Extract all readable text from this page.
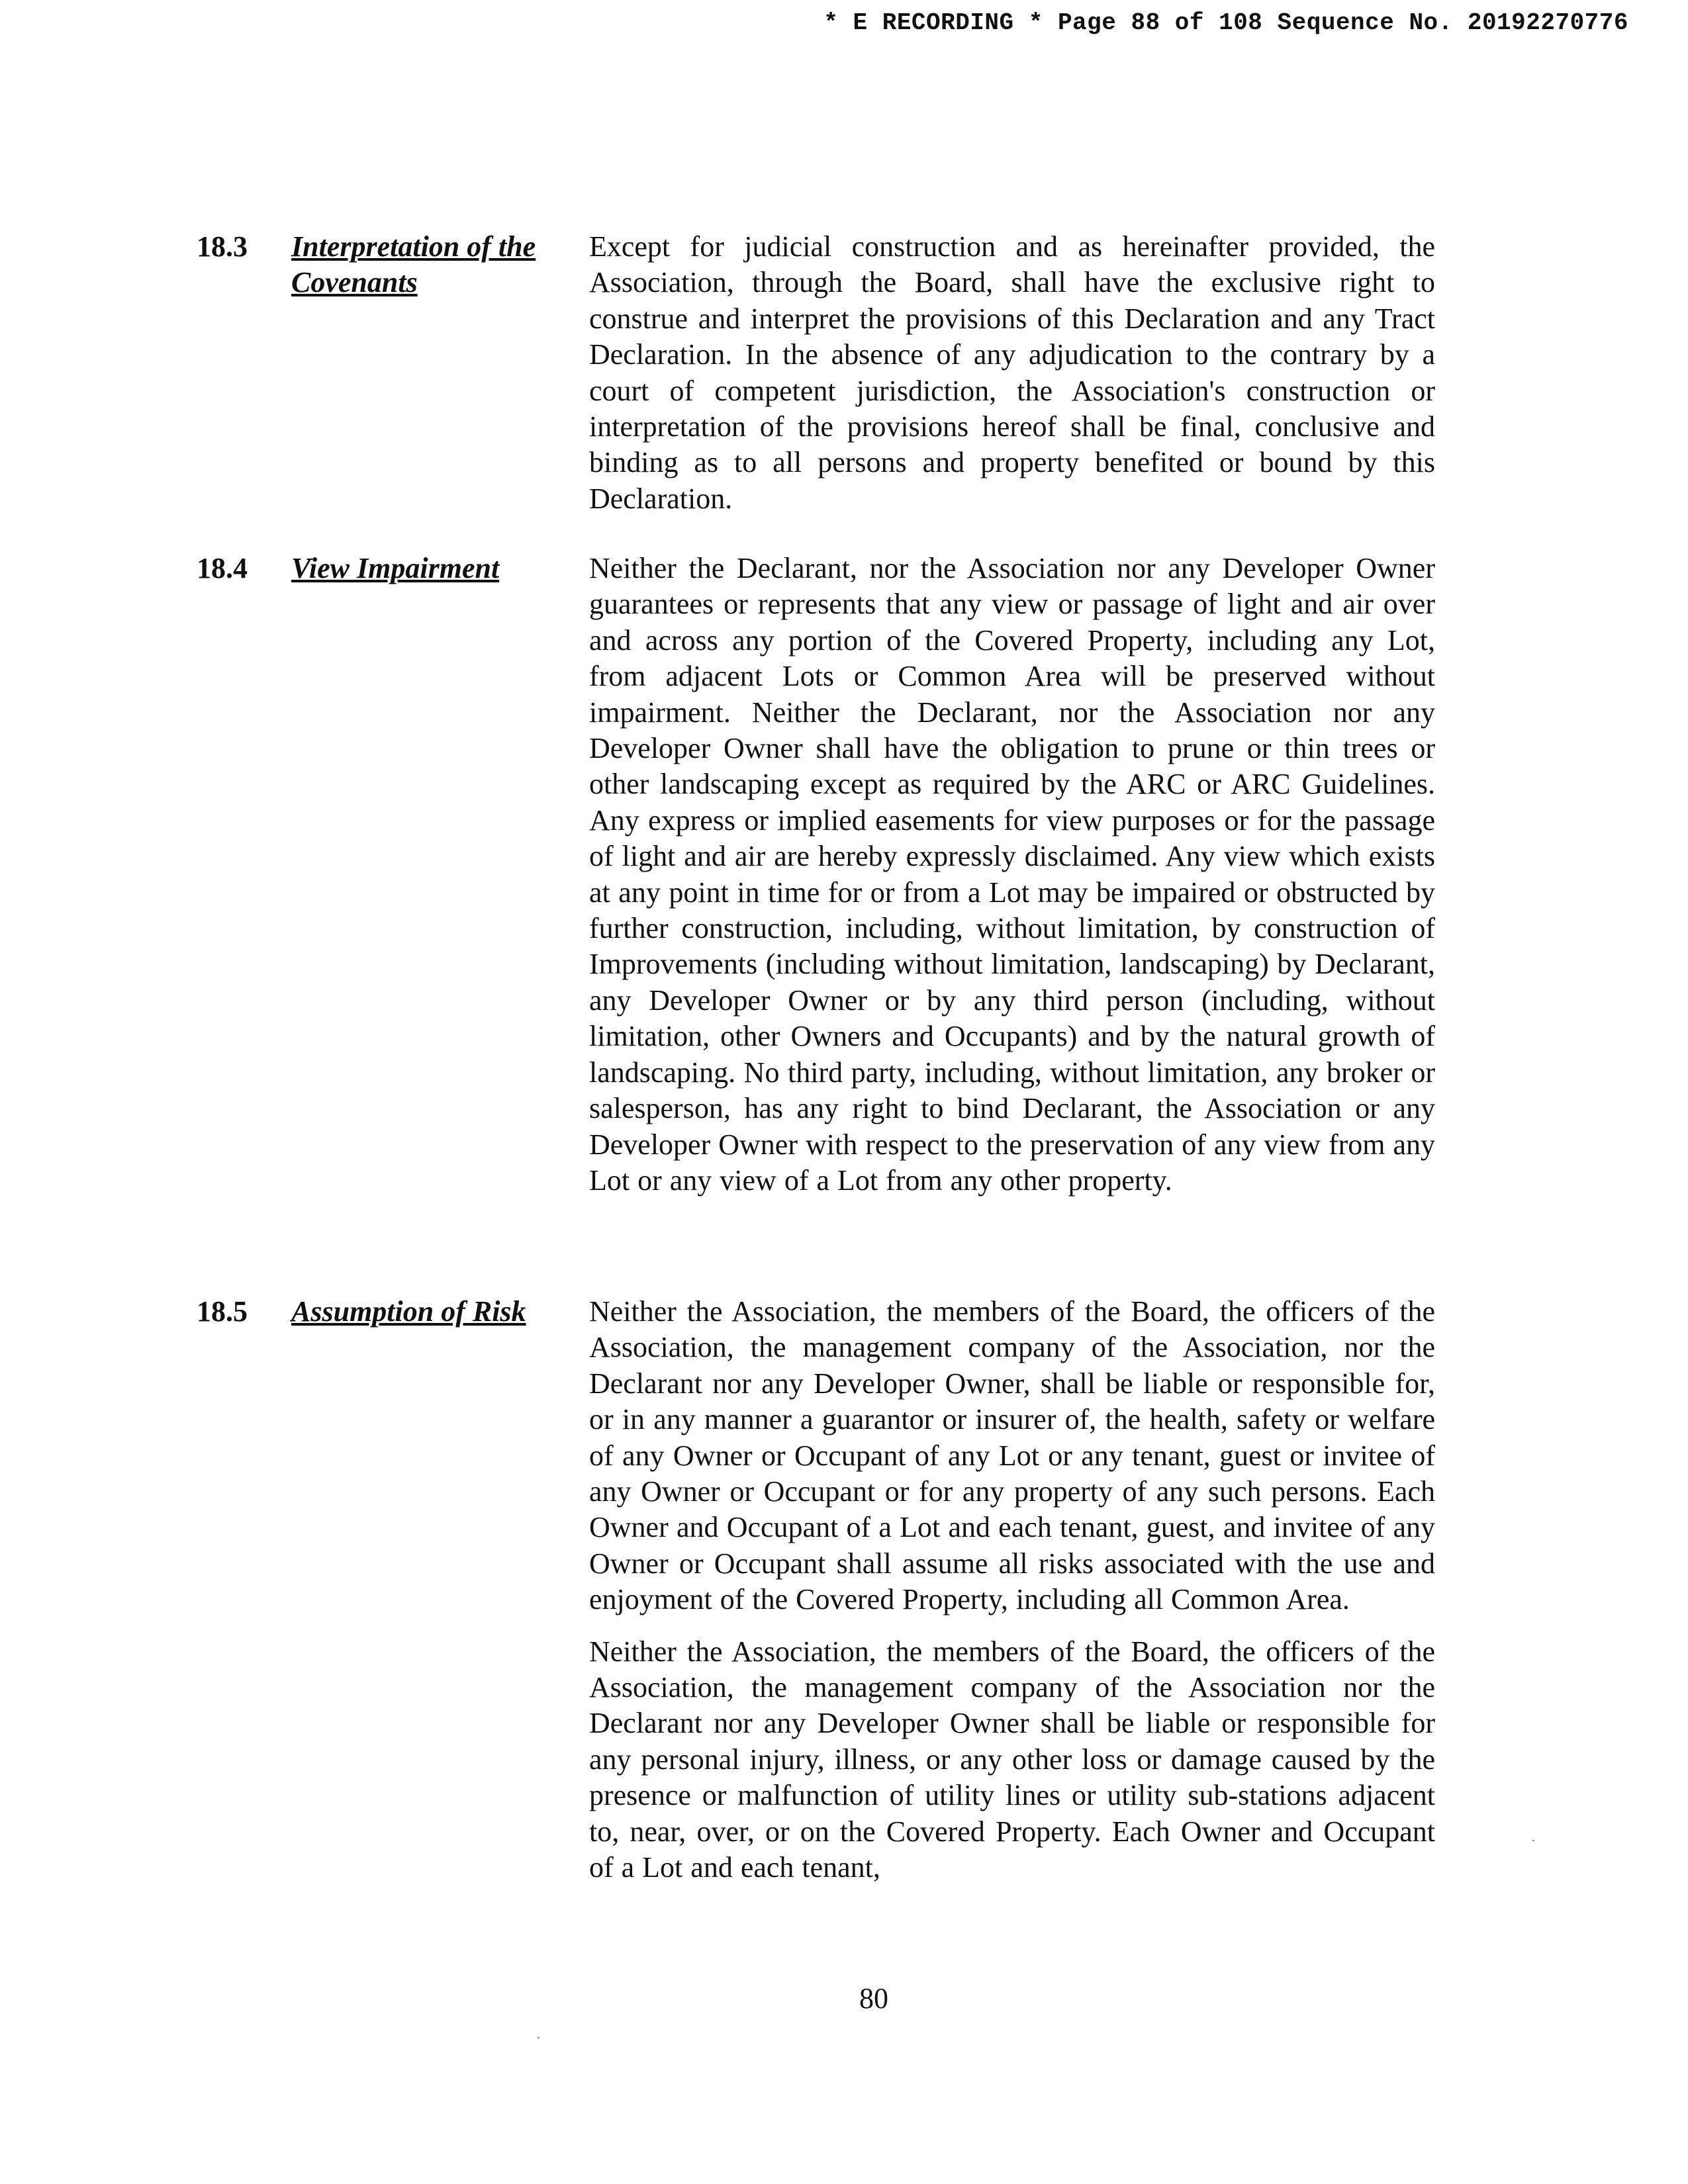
* E RECORDING * Page 88 of 108 Sequence No. 20192270776
18.3 Interpretation of the Covenants

Except for judicial construction and as hereinafter provided, the Association, through the Board, shall have the exclusive right to construe and interpret the provisions of this Declaration and any Tract Declaration. In the absence of any adjudication to the contrary by a court of competent jurisdiction, the Association's construction or interpretation of the provisions hereof shall be final, conclusive and binding as to all persons and property benefited or bound by this Declaration.

18.4 View Impairment	Neither the Declarant, nor the Association nor any Developer Owner guarantees or represents that any view or passage of light and air over and across any portion of the Covered Property, including any Lot, from adjacent Lots or Common Area will be preserved without impairment. Neither the Declarant, nor the Association nor any Developer Owner shall have the obligation to prune or thin trees or other landscaping except as required by the ARC or ARC Guidelines. Any express or implied easements for view purposes or for the passage of light and air are hereby expressly disclaimed. Any view which exists at any point in time for or from a Lot may be impaired or obstructed by further construction, including, without limitation, by construction of Improvements (including without limitation, landscaping) by Declarant, any Developer Owner or by any third person (including, without limitation, other Owners and Occupants) and by the natural growth of landscaping. No third party, including, without limitation, any broker or salesperson, has any right to bind Declarant, the Association or any Developer Owner with respect to the preservation of any view from any Lot or any view of a Lot from any other property.

18.5 Assumption of Risk	Neither the Association, the members of the Board, the officers of the Association, the management company of the Association, nor the Declarant nor any Developer Owner, shall be liable or responsible for, or in any manner a guarantor or insurer of, the health, safety or welfare of any Owner or Occupant of any Lot or any tenant, guest or invitee of any Owner or Occupant or for any property of any such persons. Each Owner and Occupant of a Lot and each tenant, guest, and invitee of any Owner or Occupant shall assume all risks associated with the use and enjoyment of the Covered Property, including all Common Area.

Neither the Association, the members of the Board, the officers of the Association, the management company of the Association nor the Declarant nor any Developer Owner shall be liable or responsible for any personal injury, illness, or any other loss or damage caused by the presence or malfunction of utility lines or utility sub-stations adjacent to, near, over, or on the Covered Property. Each Owner and Occupant of a Lot and each tenant,

80
